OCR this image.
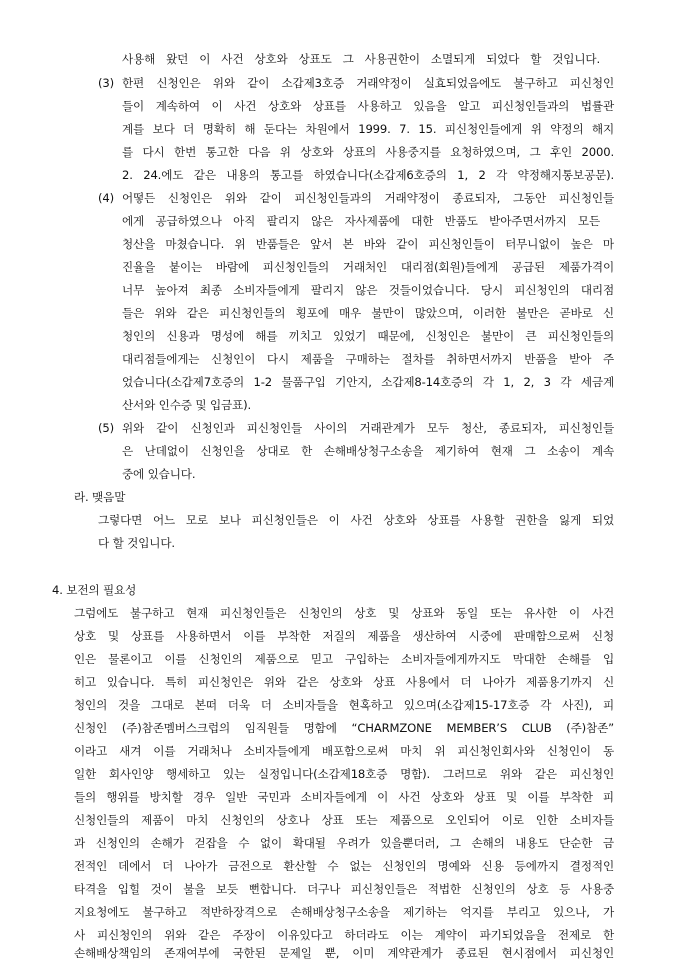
사용해 왔던 이 사건 상호와 상표도 그 사용권한이 소멸되게 되었다 할 것입니다.
(3) 한편 신청인은 위와 같이 소갑제3호증 거래약정이 실효되었음에도 불구하고 피신청인
들이 계속하여 이 사건 상호와 상표를 사용하고 있음을 알고 피신청인들과의 법률관
계를 보다 더 명확히 해 둔다는 차원에서 1999. 7. 15. 피신청인들에게 위 약정의 해지
를 다시 한번 통고한 다음 위 상호와 상표의 사용중지를 요청하였으며, 그 후인 2000.
2. 24.에도 같은 내용의 통고를 하였습니다(소갑제6호증의 1, 2 각 약정해지통보공문).
(4) 어떻든 신청인은 위와 같이 피신청인들과의 거래약정이 종료되자, 그동안 피신청인들
에게 공급하였으나 아직 팔리지 않은 자사제품에 대한 반품도 받아주면서까지 모든
청산을 마쳤습니다. 위 반품들은 앞서 본 바와 같이 피신청인들이 터무니없이 높은 마
진율을 붙이는 바람에 피신청인들의 거래처인 대리점(회원)들에게 공급된 제품가격이
너무 높아져 최종 소비자들에게 팔리지 않은 것들이었습니다. 당시 피신청인의 대리점
들은 위와 같은 피신청인들의 횡포에 매우 불만이 많았으며, 이러한 불만은 곧바로 신
청인의 신용과 명성에 해를 끼치고 있었기 때문에, 신청인은 불만이 큰 피신청인들의
대리점들에게는 신청인이 다시 제품을 구매하는 절차를 취하면서까지 반품을 받아 주
었습니다(소갑제7호증의 1-2 물품구입 기안지, 소갑제8-14호증의 각 1, 2, 3 각 세금계
산서와 인수증 및 입금표).
(5) 위와 같이 신청인과 피신청인들 사이의 거래관계가 모두 청산, 종료되자, 피신청인들
은 난데없이 신청인을 상대로 한 손해배상청구소송을 제기하여 현재 그 소송이 계속
중에 있습니다.
라. 맺음말
그렇다면 어느 모로 보나 피신청인들은 이 사건 상호와 상표를 사용할 권한을 잃게 되었
다 할 것입니다.
4. 보전의 필요성
그럼에도 불구하고 현재 피신청인들은 신청인의 상호 및 상표와 동일 또는 유사한 이 사건
상호 및 상표를 사용하면서 이를 부착한 저질의 제품을 생산하여 시중에 판매함으로써 신청
인은 물론이고 이를 신청인의 제품으로 믿고 구입하는 소비자들에게까지도 막대한 손해를 입
히고 있습니다. 특히 피신청인은 위와 같은 상호와 상표 사용에서 더 나아가 제품용기까지 신
청인의 것을 그대로 본떠 더욱 더 소비자들을 현혹하고 있으며(소갑제15-17호증 각 사진), 피
신청인 (주)참존멤버스크럽의 임직원들 명함에 “CHARMZONE MEMBER’S CLUB (주)참존”
이라고 새겨 이를 거래처나 소비자들에게 배포함으로써 마치 위 피신청인회사와 신청인이 동
일한 회사인양 행세하고 있는 실정입니다(소갑제18호증 명함). 그러므로 위와 같은 피신청인
들의 행위를 방치할 경우 일반 국민과 소비자들에게 이 사건 상호와 상표 및 이를 부착한 피
신청인들의 제품이 마치 신청인의 상호나 상표 또는 제품으로 오인되어 이로 인한 소비자들
과 신청인의 손해가 걷잡을 수 없이 확대될 우려가 있을뿐더러, 그 손해의 내용도 단순한 금
전적인 데에서 더 나아가 금전으로 환산할 수 없는 신청인의 명예와 신용 등에까지 결정적인
타격을 입힐 것이 불을 보듯 뻔합니다. 더구나 피신청인들은 적법한 신청인의 상호 등 사용중
지요청에도 불구하고 적반하장격으로 손해배상청구소송을 제기하는 억지를 부리고 있으나, 가
사 피신청인의 위와 같은 주장이 이유있다고 하더라도 이는 계약이 파기되었음을 전제로 한
손해배상책임의 존재여부에 국한된 문제일 뿐, 이미 계약관계가 종료된 현시점에서 피신청인
